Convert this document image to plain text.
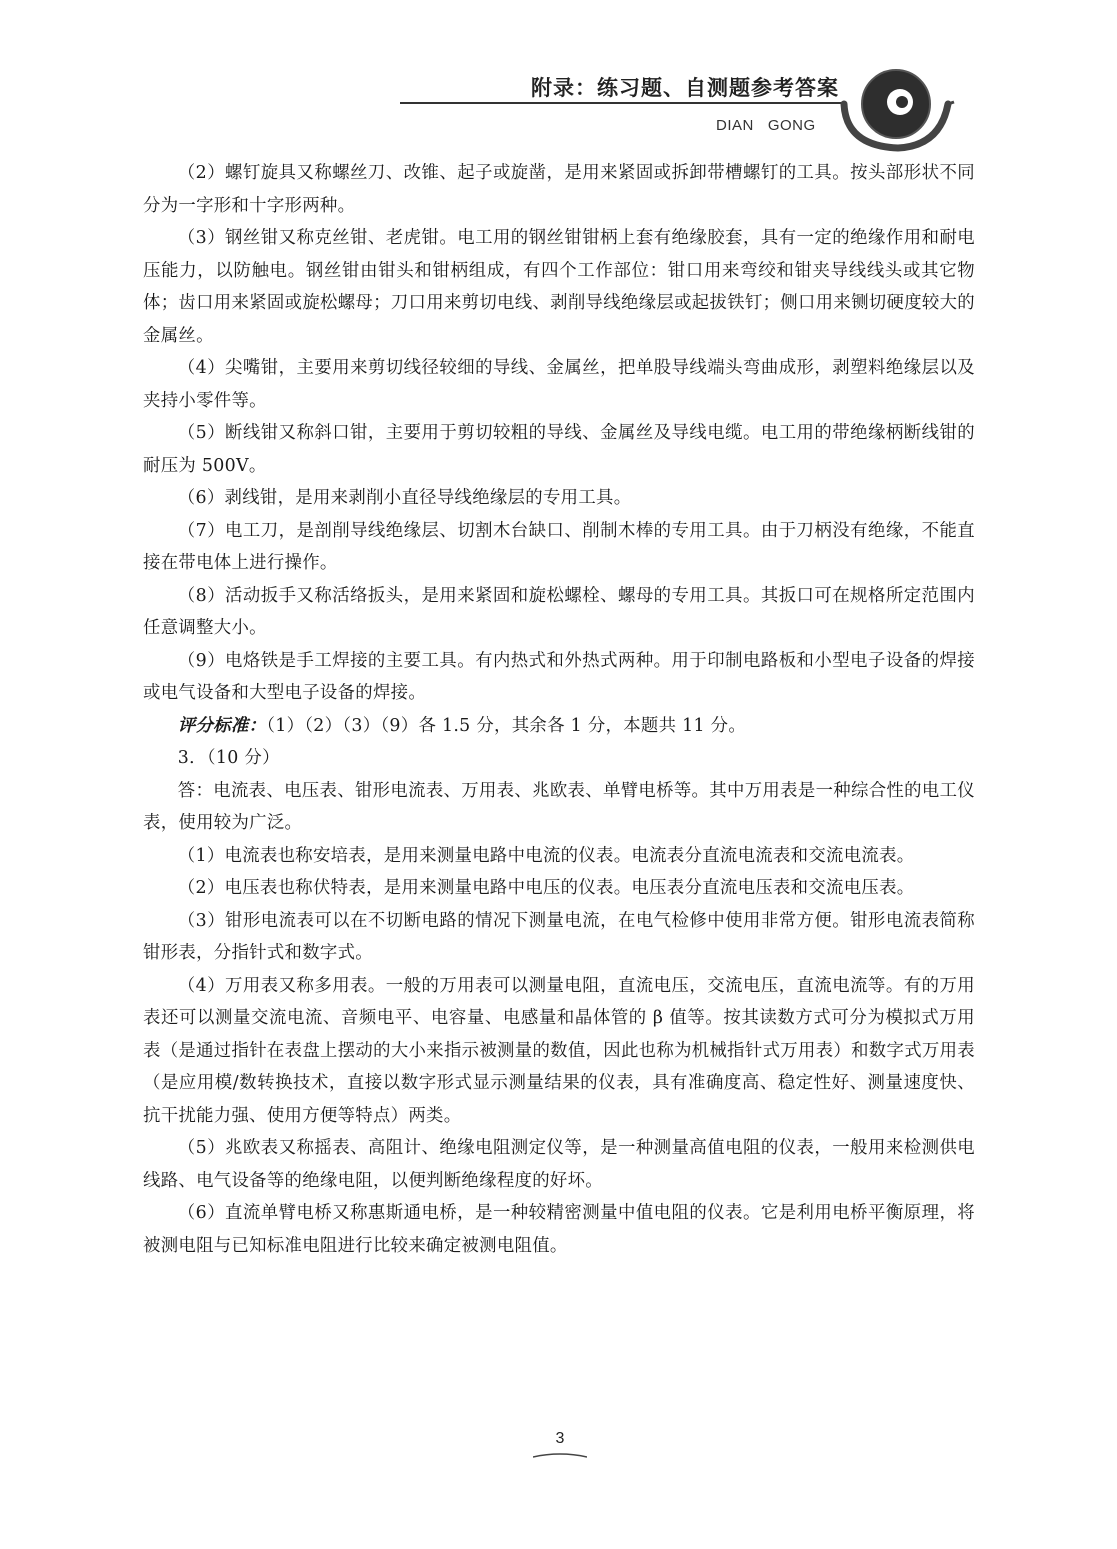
附录：练习题、自测题参考答案
DIAN   GONG

（2）螺钉旋具又称螺丝刀、改锥、起子或旋凿，是用来紧固或拆卸带槽螺钉的工具。按头部形状不同分为一字形和十字形两种。

（3）钢丝钳又称克丝钳、老虎钳。电工用的钢丝钳钳柄上套有绝缘胶套，具有一定的绝缘作用和耐电压能力，以防触电。钢丝钳由钳头和钳柄组成，有四个工作部位：钳口用来弯绞和钳夹导线线头或其它物体；齿口用来紧固或旋松螺母；刀口用来剪切电线、剥削导线绝缘层或起拔铁钉；侧口用来铡切硬度较大的金属丝。

（4）尖嘴钳，主要用来剪切线径较细的导线、金属丝，把单股导线端头弯曲成形，剥塑料绝缘层以及夹持小零件等。

（5）断线钳又称斜口钳，主要用于剪切较粗的导线、金属丝及导线电缆。电工用的带绝缘柄断线钳的耐压为 500V。

（6）剥线钳，是用来剥削小直径导线绝缘层的专用工具。

（7）电工刀，是剖削导线绝缘层、切割木台缺口、削制木棒的专用工具。由于刀柄没有绝缘，不能直接在带电体上进行操作。

（8）活动扳手又称活络扳头，是用来紧固和旋松螺栓、螺母的专用工具。其扳口可在规格所定范围内任意调整大小。

（9）电烙铁是手工焊接的主要工具。有内热式和外热式两种。用于印制电路板和小型电子设备的焊接或电气设备和大型电子设备的焊接。

评分标准：（1）（2）（3）（9）各 1.5 分，其余各 1 分，本题共 11 分。

3．（10 分）

答：电流表、电压表、钳形电流表、万用表、兆欧表、单臂电桥等。其中万用表是一种综合性的电工仪表，使用较为广泛。

（1）电流表也称安培表，是用来测量电路中电流的仪表。电流表分直流电流表和交流电流表。

（2）电压表也称伏特表，是用来测量电路中电压的仪表。电压表分直流电压表和交流电压表。

（3）钳形电流表可以在不切断电路的情况下测量电流，在电气检修中使用非常方便。钳形电流表简称钳形表，分指针式和数字式。

（4）万用表又称多用表。一般的万用表可以测量电阻，直流电压，交流电压，直流电流等。有的万用表还可以测量交流电流、音频电平、电容量、电感量和晶体管的 β 值等。按其读数方式可分为模拟式万用表（是通过指针在表盘上摆动的大小来指示被测量的数值，因此也称为机械指针式万用表）和数字式万用表（是应用模/数转换技术，直接以数字形式显示测量结果的仪表，具有准确度高、稳定性好、测量速度快、抗干扰能力强、使用方便等特点）两类。

（5）兆欧表又称摇表、高阻计、绝缘电阻测定仪等，是一种测量高值电阻的仪表，一般用来检测供电线路、电气设备等的绝缘电阻，以便判断绝缘程度的好坏。

（6）直流单臂电桥又称惠斯通电桥，是一种较精密测量中值电阻的仪表。它是利用电桥平衡原理，将被测电阻与已知标准电阻进行比较来确定被测电阻值。

3
